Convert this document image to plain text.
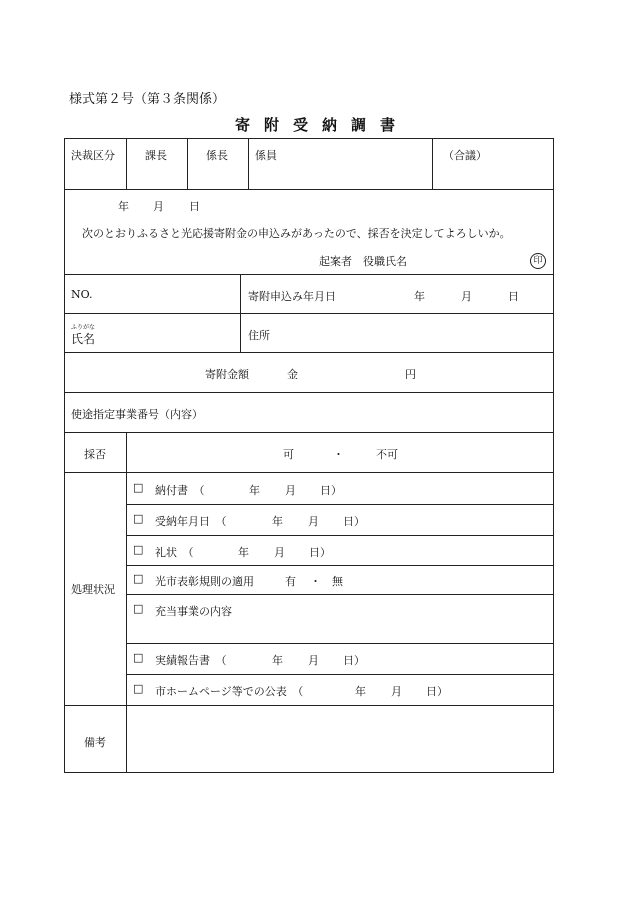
様式第２号（第３条関係）
寄附受納調書
決裁区分	課長	係長 係員	（合議）
年 月 日
次のとおりふるさと光応援寄附金の申込みがあったので、採否を決定してよろしいか。
起案者　役職氏名	印
NO.	寄附申込み年月日	年	月	日
ふりがな
氏名	住所
寄附金額	金	円
使途指定事業番号（内容）
採否	可	・	不可
処理状況
□ 納付書　（	年 月 日）
□ 受納年月日　（	年 月 日）
□ 礼状　（	年 月 日）
□ 光市表彰規則の適用	有 ・ 無
□ 充当事業の内容
□ 実績報告書　（	年 月 日）
□ 市ホームページ等での公表　（	年 月 日）
備考
